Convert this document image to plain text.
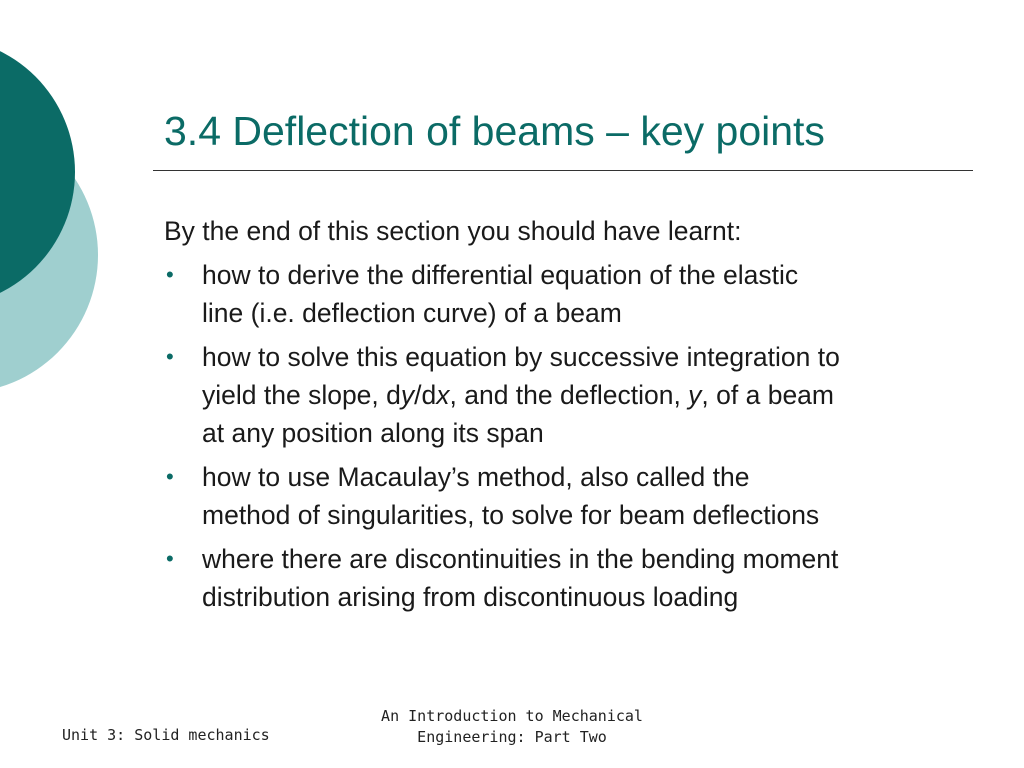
3.4 Deflection of beams – key points

By the end of this section you should have learnt:

• how to derive the differential equation of the elastic
line (i.e. deflection curve) of a beam
• how to solve this equation by successive integration to
yield the slope, dy/dx, and the deflection, y, of a beam
at any position along its span
• how to use Macaulay’s method, also called the
method of singularities, to solve for beam deflections
• where there are discontinuities in the bending moment
distribution arising from discontinuous loading
Unit 3: Solid mechanics
An Introduction to Mechanical
Engineering: Part Two
